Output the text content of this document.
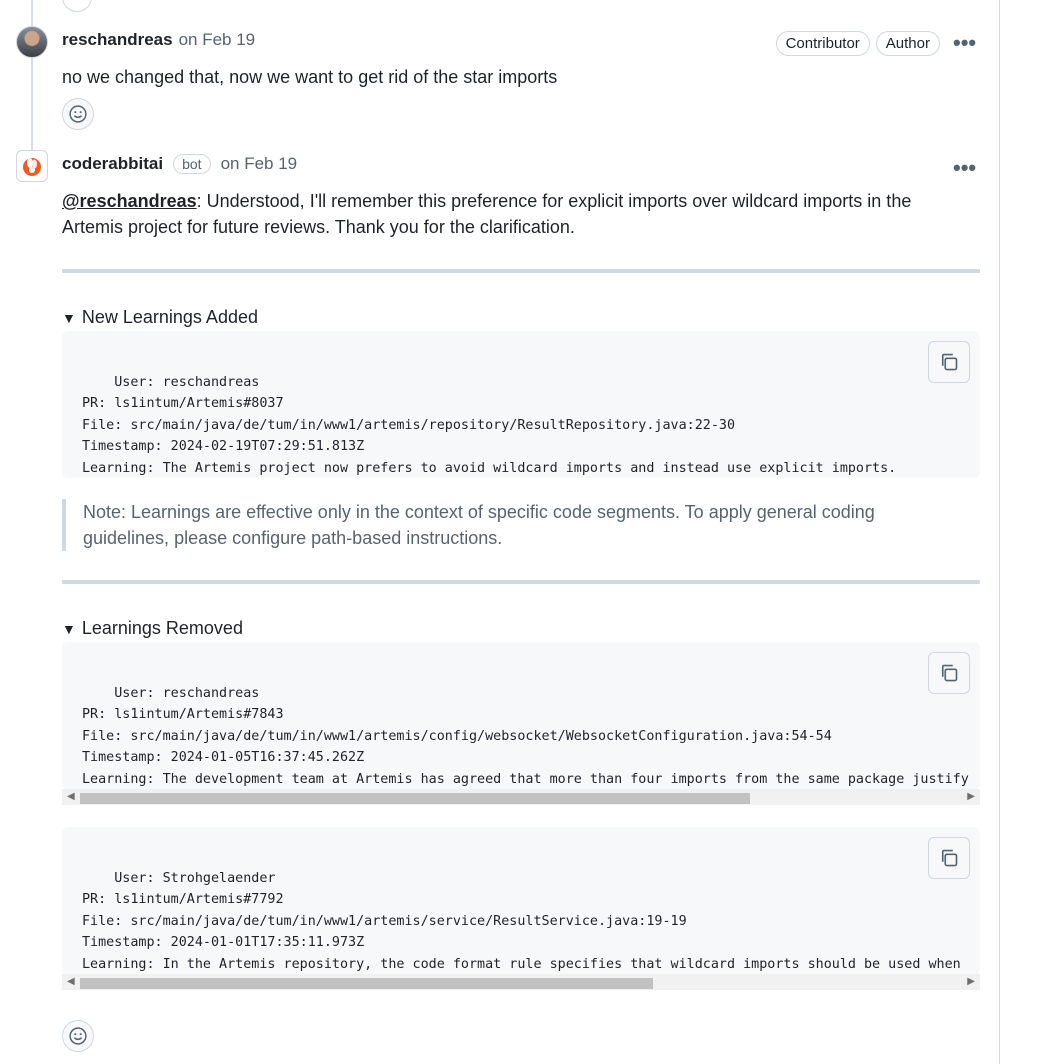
reschandreas on Feb 19	Contributor	Author	•••
no we changed that, now we want to get rid of the star imports
coderabbitai	bot	on Feb 19	•••
@reschandreas: Understood, I'll remember this preference for explicit imports over wildcard imports in the Artemis project for future reviews. Thank you for the clarification.
▼ New Learnings Added

User: reschandreas
PR: ls1intum/Artemis#8037
File: src/main/java/de/tum/in/www1/artemis/repository/ResultRepository.java:22-30
Timestamp: 2024-02-19T07:29:51.813Z
Learning: The Artemis project now prefers to avoid wildcard imports and instead use explicit imports.

Note: Learnings are effective only in the context of specific code segments. To apply general coding guidelines, please configure path-based instructions.
▼ Learnings Removed

User: reschandreas
PR: ls1intum/Artemis#7843
File: src/main/java/de/tum/in/www1/artemis/config/websocket/WebsocketConfiguration.java:54-54
Timestamp: 2024-01-05T16:37:45.262Z
Learning: The development team at Artemis has agreed that more than four imports from the same package justify

◀	▶

User: Strohgelaender
PR: ls1intum/Artemis#7792
File: src/main/java/de/tum/in/www1/artemis/service/ResultService.java:19-19
Timestamp: 2024-01-01T17:35:11.973Z
Learning: In the Artemis repository, the code format rule specifies that wildcard imports should be used when

◀	▶
